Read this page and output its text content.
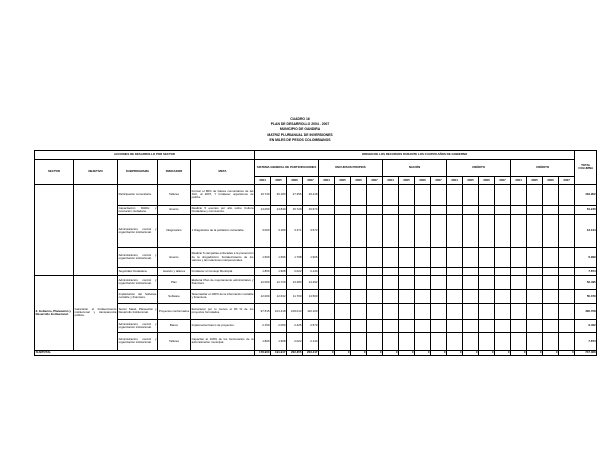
CUADRO 16
PLAN DE DESARROLLO 2004 - 2007
MUNICIPIO DE GANDIRA
MATRIZ PLURIANUAL DE INVERSIONES
EN MILES DE PESOS COLOMBIANOS
ACCIONES DE DESARROLLO POR SECTOR					ORIGEN DE LOS RECURSOS DURANTE LOS CUATRO AÑOS DE GOBIERNO																				TOTAL COLUMNA
SECTOR	OBJETIVO	SUBPROGRAMA	INDICADOR	META	SISTEMA GENERAL DE PARTICIPACIONES				RECURSOS PROPIOS				NACIÓN				CRÉDITO				CRÉDITO				
					2004	2005	2006	2007	2004	2005	2006	2007	2004	2005	2006	2007	2004	2005	2006	2007	2004	2005	2006	2007	
		Participación comunitaria.	Talleres	Formar el 80% de lideres comunitarios de las JAC, al 2007, Y fortalecer organismos de policía.	16.740	30.183	27.356	29.418																	103.952
		Capacitación DHDH y resolución ciudadana.	Evento	Realizar 5 eventos por año sobre Cultura Ciudadana y convivencia.	14.060	14.840	15.729	16.674																	61.240
		Administración, control y organización institucional.	Diagnóstico	1 Diagnóstico de la población vulnerable.	3.000	3.180	3.371	3.573																	13.124
		Administración, control y organización institucional.	Evento	Realizar 6 campañas enfocadas a la prevención de la drogadicción. Fortalecimiento de los valores y las relaciones interpersonales.	1.600	1.696	1.798	1.906																	6.999
		Seguridad Ciudadana.	Gestión y talleres	Fortalecer el Consejo Municipal.	1.800	1.908	2.022	2.144																	7.874
2. Gobierno, Planeación y Desarrollo Institucional.	Garantizar el fortalecimiento institucional y transparencia pública.	Administración, control y organización institucional.	Plan	Elaborar Plan de mejoramiento administrativo y financiero.	12.000	12.720	13.483	14.292																	52.495
		Implantación del Software contable y financiero.	Software	Sistematizar el 100% de la información contable y financiera.	12.000	12.632	11.700	14.500																	50.379
		Sector Salud, Planeación y Desarrollo Institucional.	Proyectos conformados	Estructurar por lo menos el 80 % de los proyectos formulados.	97.515	101.418	109.013	116.160																	406.708
		Administración, control y organización institucional.	Banco	Implementar banco de proyectos.	2.150	2.050	2.425	2.570																	9.402
		Administración, control y organización institucional.	Talleres	Capacitar al 100% de los funcionarios de la administración municipal.	1.800	1.908	2.022	2.144																	7.874
SUBTOTAL					178.900	191.917	202.355	203.447	0	0	0	0	0	0	0	0	0	0	0	0	0	0	0	0	747.368
